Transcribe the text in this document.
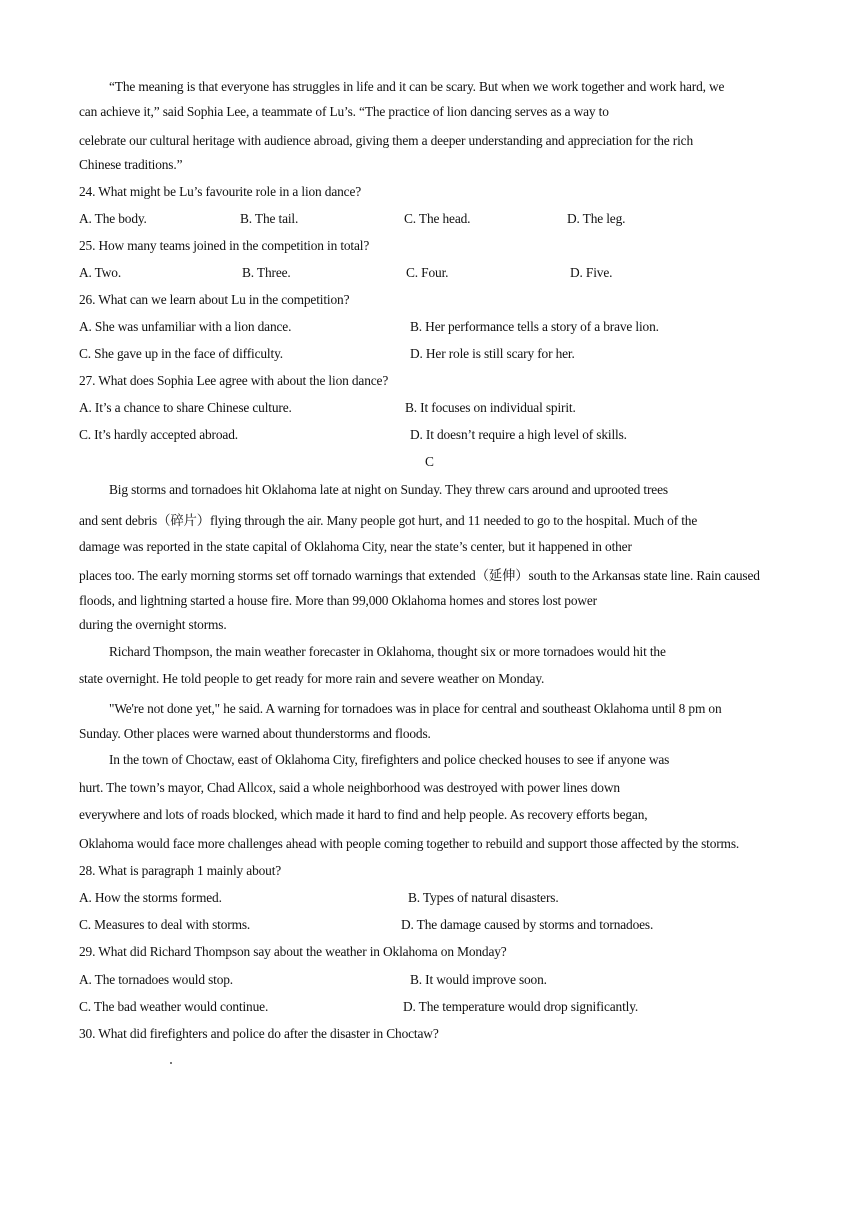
“The meaning is that everyone has struggles in life and it can be scary. But when we work together and work hard, we
can achieve it,” said Sophia Lee, a teammate of Lu’s. “The practice of lion dancing serves as a way to
celebrate our cultural heritage with audience abroad, giving them a deeper understanding and appreciation for the rich
Chinese traditions.”
24. What might be Lu’s favourite role in a lion dance?
A. The body.	B. The tail.	C. The head.	D. The leg.
25. How many teams joined in the competition in total?
A. Two.	B. Three.	C. Four.	D. Five.
26. What can we learn about Lu in the competition?
A. She was unfamiliar with a lion dance.	B. Her performance tells a story of a brave lion.
C. She gave up in the face of difficulty.	D. Her role is still scary for her.
27. What does Sophia Lee agree with about the lion dance?
A. It’s a chance to share Chinese culture.	B. It focuses on individual spirit.
C. It’s hardly accepted abroad.	D. It doesn’t require a high level of skills.
C
Big storms and tornadoes hit Oklahoma late at night on Sunday. They threw cars around and uprooted trees
and sent debris（碎片）flying through the air. Many people got hurt, and 11 needed to go to the hospital. Much of the
damage was reported in the state capital of Oklahoma City, near the state’s center, but it happened in other
places too. The early morning storms set off tornado warnings that extended（延伸）south to the Arkansas state line. Rain caused
floods, and lightning started a house fire. More than 99,000 Oklahoma homes and stores lost power
during the overnight storms.
Richard Thompson, the main weather forecaster in Oklahoma, thought six or more tornadoes would hit the
state overnight. He told people to get ready for more rain and severe weather on Monday.
"We're not done yet," he said. A warning for tornadoes was in place for central and southeast Oklahoma until 8 pm on
Sunday. Other places were warned about thunderstorms and floods.
In the town of Choctaw, east of Oklahoma City, firefighters and police checked houses to see if anyone was
hurt. The town’s mayor, Chad Allcox, said a whole neighborhood was destroyed with power lines down
everywhere and lots of roads blocked, which made it hard to find and help people. As recovery efforts began,
Oklahoma would face more challenges ahead with people coming together to rebuild and support those affected by the storms.
28. What is paragraph 1 mainly about?
A. How the storms formed.	B. Types of natural disasters.
C. Measures to deal with storms.	D. The damage caused by storms and tornadoes.
29. What did Richard Thompson say about the weather in Oklahoma on Monday?
A. The tornadoes would stop.	B. It would improve soon.
C. The bad weather would continue.	D. The temperature would drop significantly.
30. What did firefighters and police do after the disaster in Choctaw?
